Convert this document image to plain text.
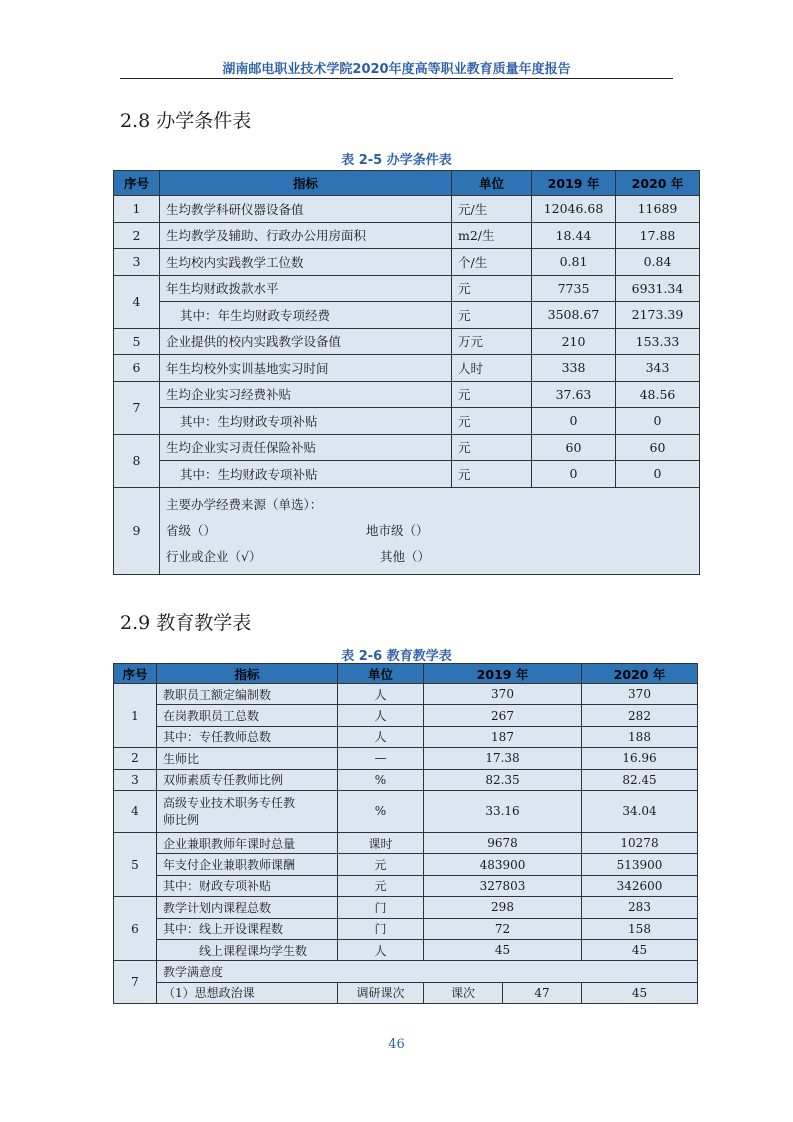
湖南邮电职业技术学院2020年度高等职业教育质量年度报告
2.8 办学条件表
表 2-5 办学条件表
序号	指标	单位	2019 年	2020 年
1	生均教学科研仪器设备值	元/生	12046.68	11689
2	生均教学及辅助、行政办公用房面积	m2/生	18.44	17.88
3	生均校内实践教学工位数	个/生	0.81	0.84
4	年生均财政拨款水平	元	7735	6931.34
	其中：年生均财政专项经费	元	3508.67	2173.39
5	企业提供的校内实践教学设备值	万元	210	153.33
6	年生均校外实训基地实习时间	人时	338	343
7	生均企业实习经费补贴	元	37.63	48.56
	其中：生均财政专项补贴	元	0	0
8	生均企业实习责任保险补贴	元	60	60
	其中：生均财政专项补贴	元	0	0
9	主要办学经费来源（单选）：
省级（） 地市级（）
行业或企业（√） 其他（）			
2.9 教育教学表
表 2-6 教育教学表
序号	指标	单位	2019 年		2020 年
1	教职员工额定编制数	人	370		370
	在岗教职员工总数	人	267		282
	其中：专任教师总数	人	187		188
2	生师比	—	17.38		16.96
3	双师素质专任教师比例	%	82.35		82.45
4	高级专业技术职务专任教
师比例	%	33.16		34.04
5	企业兼职教师年课时总量	课时	9678		10278
	年支付企业兼职教师课酬	元	483900		513900
	其中：财政专项补贴	元	327803		342600
6	教学计划内课程总数	门	298		283
	其中：线上开设课程数	门	72		158
	线上课程课均学生数	人	45		45
7	教学满意度				
	（1）思想政治课	调研课次	课次	47	45
46
